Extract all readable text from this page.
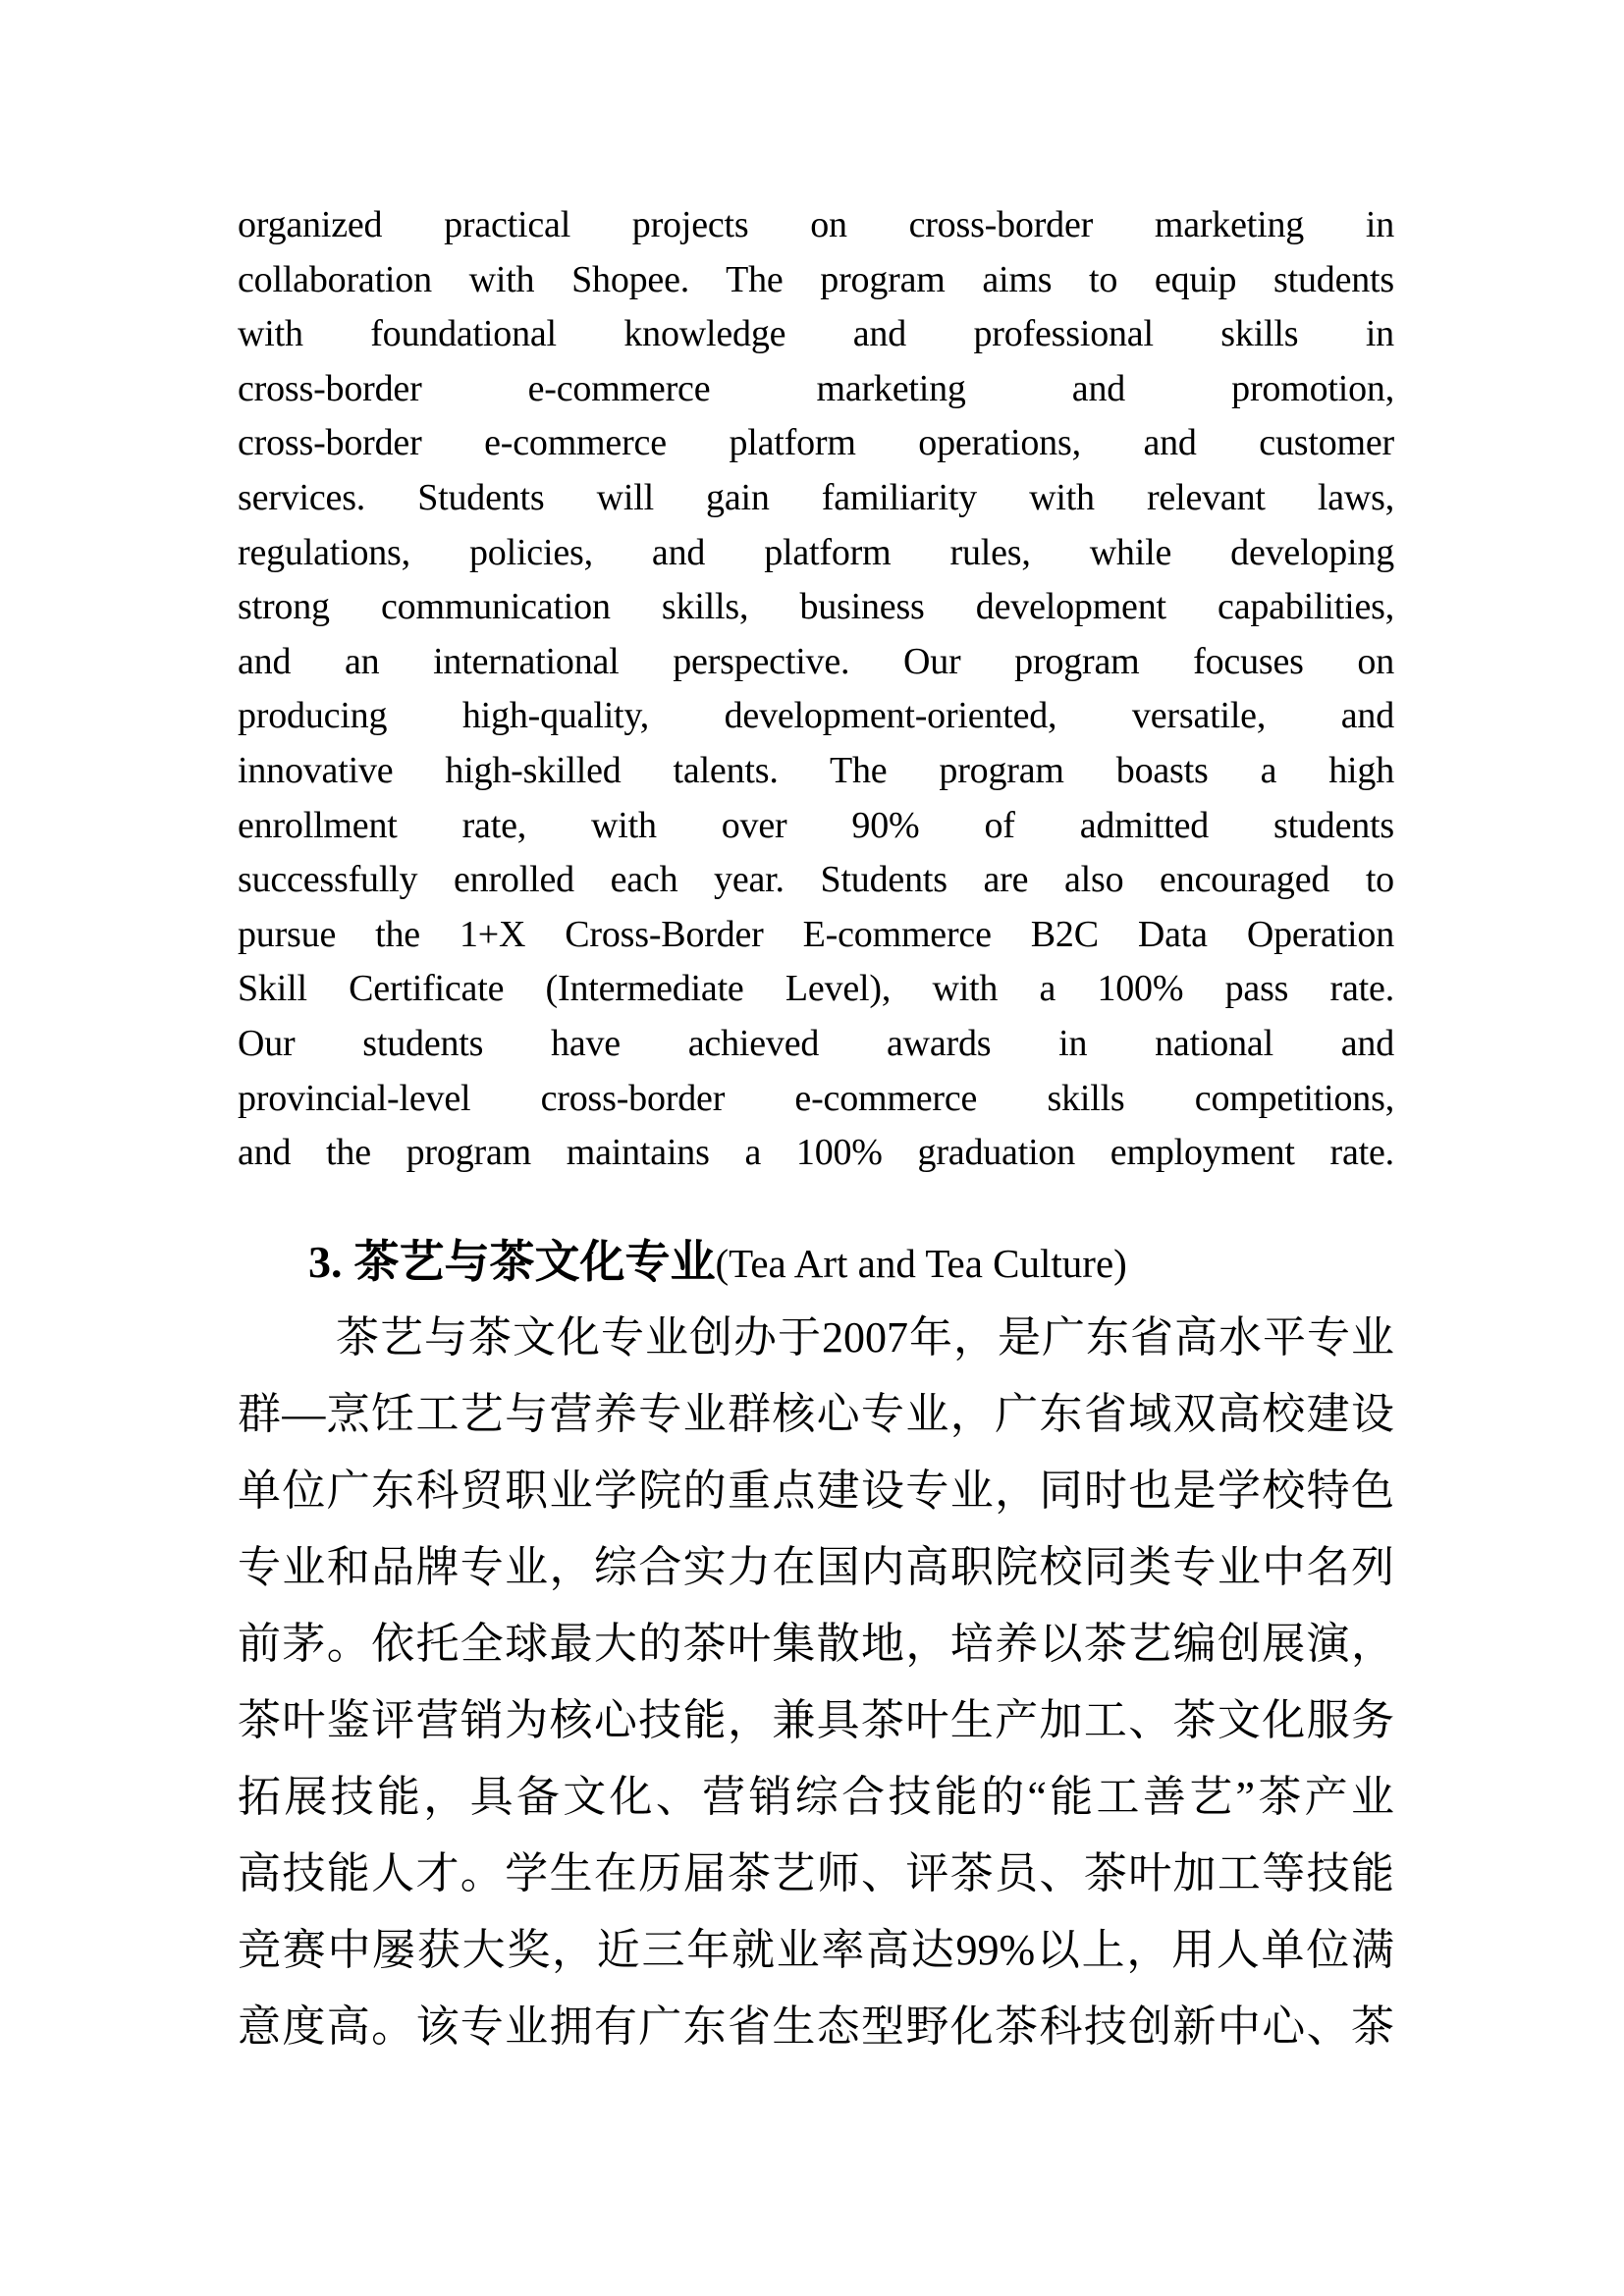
organized practical projects on cross-border marketing in
collaboration with Shopee. The program aims to equip students
with foundational knowledge and professional skills in
cross-border e-commerce marketing and promotion,
cross-border e-commerce platform operations, and customer
services. Students will gain familiarity with relevant laws,
regulations, policies, and platform rules, while developing
strong communication skills, business development capabilities,
and an international perspective. Our program focuses on
producing high-quality, development-oriented, versatile, and
innovative high-skilled talents. The program boasts a high
enrollment rate, with over 90% of admitted students
successfully enrolled each year. Students are also encouraged to
pursue the 1+X Cross-Border E-commerce B2C Data Operation
Skill Certificate (Intermediate Level), with a 100% pass rate.
Our students have achieved awards in national and
provincial-level cross-border e-commerce skills competitions,
and the program maintains a 100% graduation employment rate.
3. 茶艺与茶文化专业(Tea Art and Tea Culture)
茶艺与茶文化专业创办于2007年，是广东省高水平专业
群—烹饪工艺与营养专业群核心专业，广东省域双高校建设
单位广东科贸职业学院的重点建设专业，同时也是学校特色
专业和品牌专业，综合实力在国内高职院校同类专业中名列
前茅。依托全球最大的茶叶集散地，培养以茶艺编创展演，
茶叶鉴评营销为核心技能，兼具茶叶生产加工、茶文化服务
拓展技能，具备文化、营销综合技能的“能工善艺”茶产业
高技能人才。学生在历届茶艺师、评茶员、茶叶加工等技能
竞赛中屡获大奖，近三年就业率高达99%以上，用人单位满
意度高。该专业拥有广东省生态型野化茶科技创新中心、茶
